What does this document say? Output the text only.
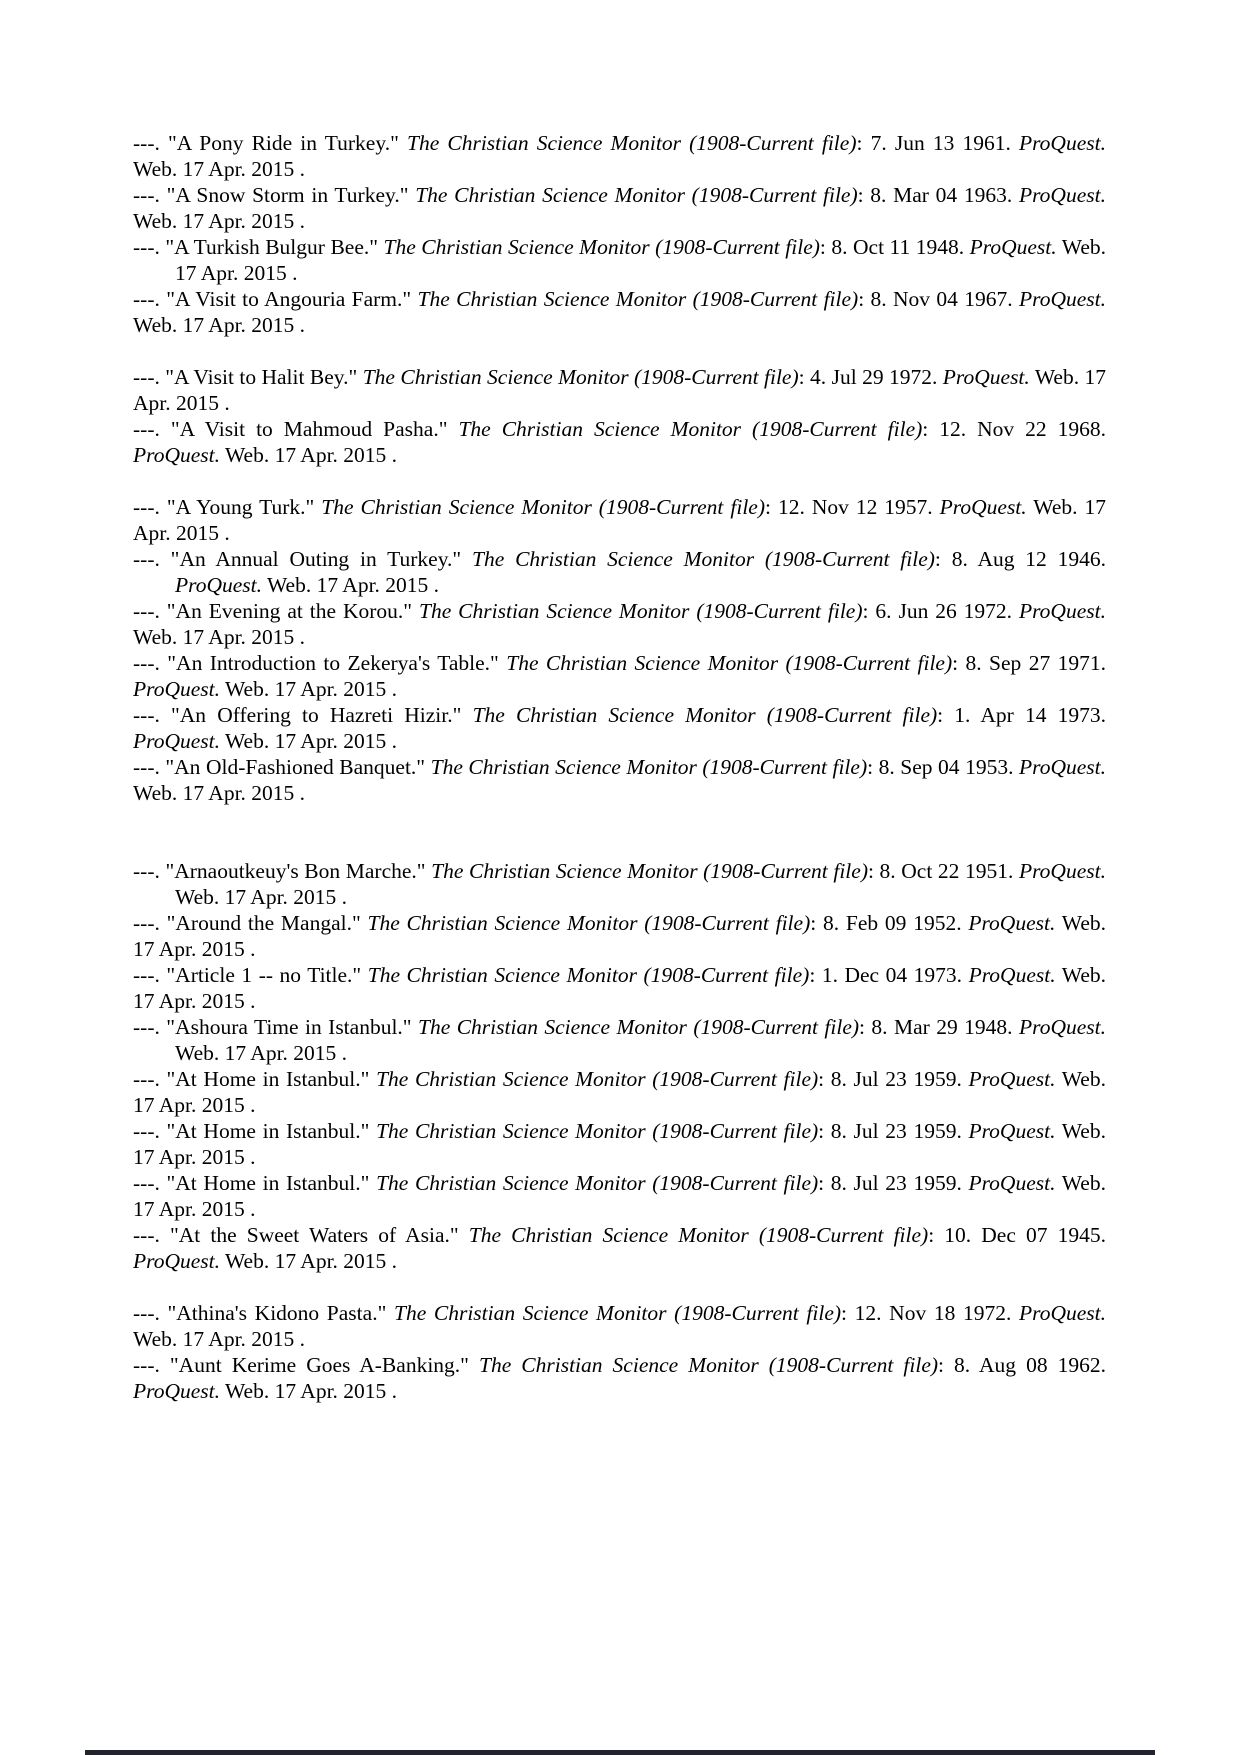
---. "A Pony Ride in Turkey." The Christian Science Monitor (1908-Current file): 7. Jun 13 1961. ProQuest. Web. 17 Apr. 2015 .

---. "A Snow Storm in Turkey." The Christian Science Monitor (1908-Current file): 8. Mar 04 1963. ProQuest. Web. 17 Apr. 2015 .

---. "A Turkish Bulgur Bee." The Christian Science Monitor (1908-Current file): 8. Oct 11 1948. ProQuest. Web. 17 Apr. 2015 .

---. "A Visit to Angouria Farm." The Christian Science Monitor (1908-Current file): 8. Nov 04 1967. ProQuest. Web. 17 Apr. 2015 .

---. "A Visit to Halit Bey." The Christian Science Monitor (1908-Current file): 4. Jul 29 1972. ProQuest. Web. 17 Apr. 2015 .

---. "A Visit to Mahmoud Pasha." The Christian Science Monitor (1908-Current file): 12. Nov 22 1968. ProQuest. Web. 17 Apr. 2015 .

---. "A Young Turk." The Christian Science Monitor (1908-Current file): 12. Nov 12 1957. ProQuest. Web. 17 Apr. 2015 .

---. "An Annual Outing in Turkey." The Christian Science Monitor (1908-Current file): 8. Aug 12 1946. ProQuest. Web. 17 Apr. 2015 .

---. "An Evening at the Korou." The Christian Science Monitor (1908-Current file): 6. Jun 26 1972. ProQuest. Web. 17 Apr. 2015 .

---. "An Introduction to Zekerya's Table." The Christian Science Monitor (1908-Current file): 8. Sep 27 1971. ProQuest. Web. 17 Apr. 2015 .

---. "An Offering to Hazreti Hizir." The Christian Science Monitor (1908-Current file): 1. Apr 14 1973. ProQuest. Web. 17 Apr. 2015 .

---. "An Old-Fashioned Banquet." The Christian Science Monitor (1908-Current file): 8. Sep 04 1953. ProQuest. Web. 17 Apr. 2015 .

---. "Arnaoutkeuy's Bon Marche." The Christian Science Monitor (1908-Current file): 8. Oct 22 1951. ProQuest. Web. 17 Apr. 2015 .

---. "Around the Mangal." The Christian Science Monitor (1908-Current file): 8. Feb 09 1952. ProQuest. Web. 17 Apr. 2015 .

---. "Article 1 -- no Title." The Christian Science Monitor (1908-Current file): 1. Dec 04 1973. ProQuest. Web. 17 Apr. 2015 .

---. "Ashoura Time in Istanbul." The Christian Science Monitor (1908-Current file): 8. Mar 29 1948. ProQuest. Web. 17 Apr. 2015 .

---. "At Home in Istanbul." The Christian Science Monitor (1908-Current file): 8. Jul 23 1959. ProQuest. Web. 17 Apr. 2015 .

---. "At Home in Istanbul." The Christian Science Monitor (1908-Current file): 8. Jul 23 1959. ProQuest. Web. 17 Apr. 2015 .

---. "At Home in Istanbul." The Christian Science Monitor (1908-Current file): 8. Jul 23 1959. ProQuest. Web. 17 Apr. 2015 .

---. "At the Sweet Waters of Asia." The Christian Science Monitor (1908-Current file): 10. Dec 07 1945. ProQuest. Web. 17 Apr. 2015 .

---. "Athina's Kidono Pasta." The Christian Science Monitor (1908-Current file): 12. Nov 18 1972. ProQuest. Web. 17 Apr. 2015 .

---. "Aunt Kerime Goes A-Banking." The Christian Science Monitor (1908-Current file): 8. Aug 08 1962. ProQuest. Web. 17 Apr. 2015 .
